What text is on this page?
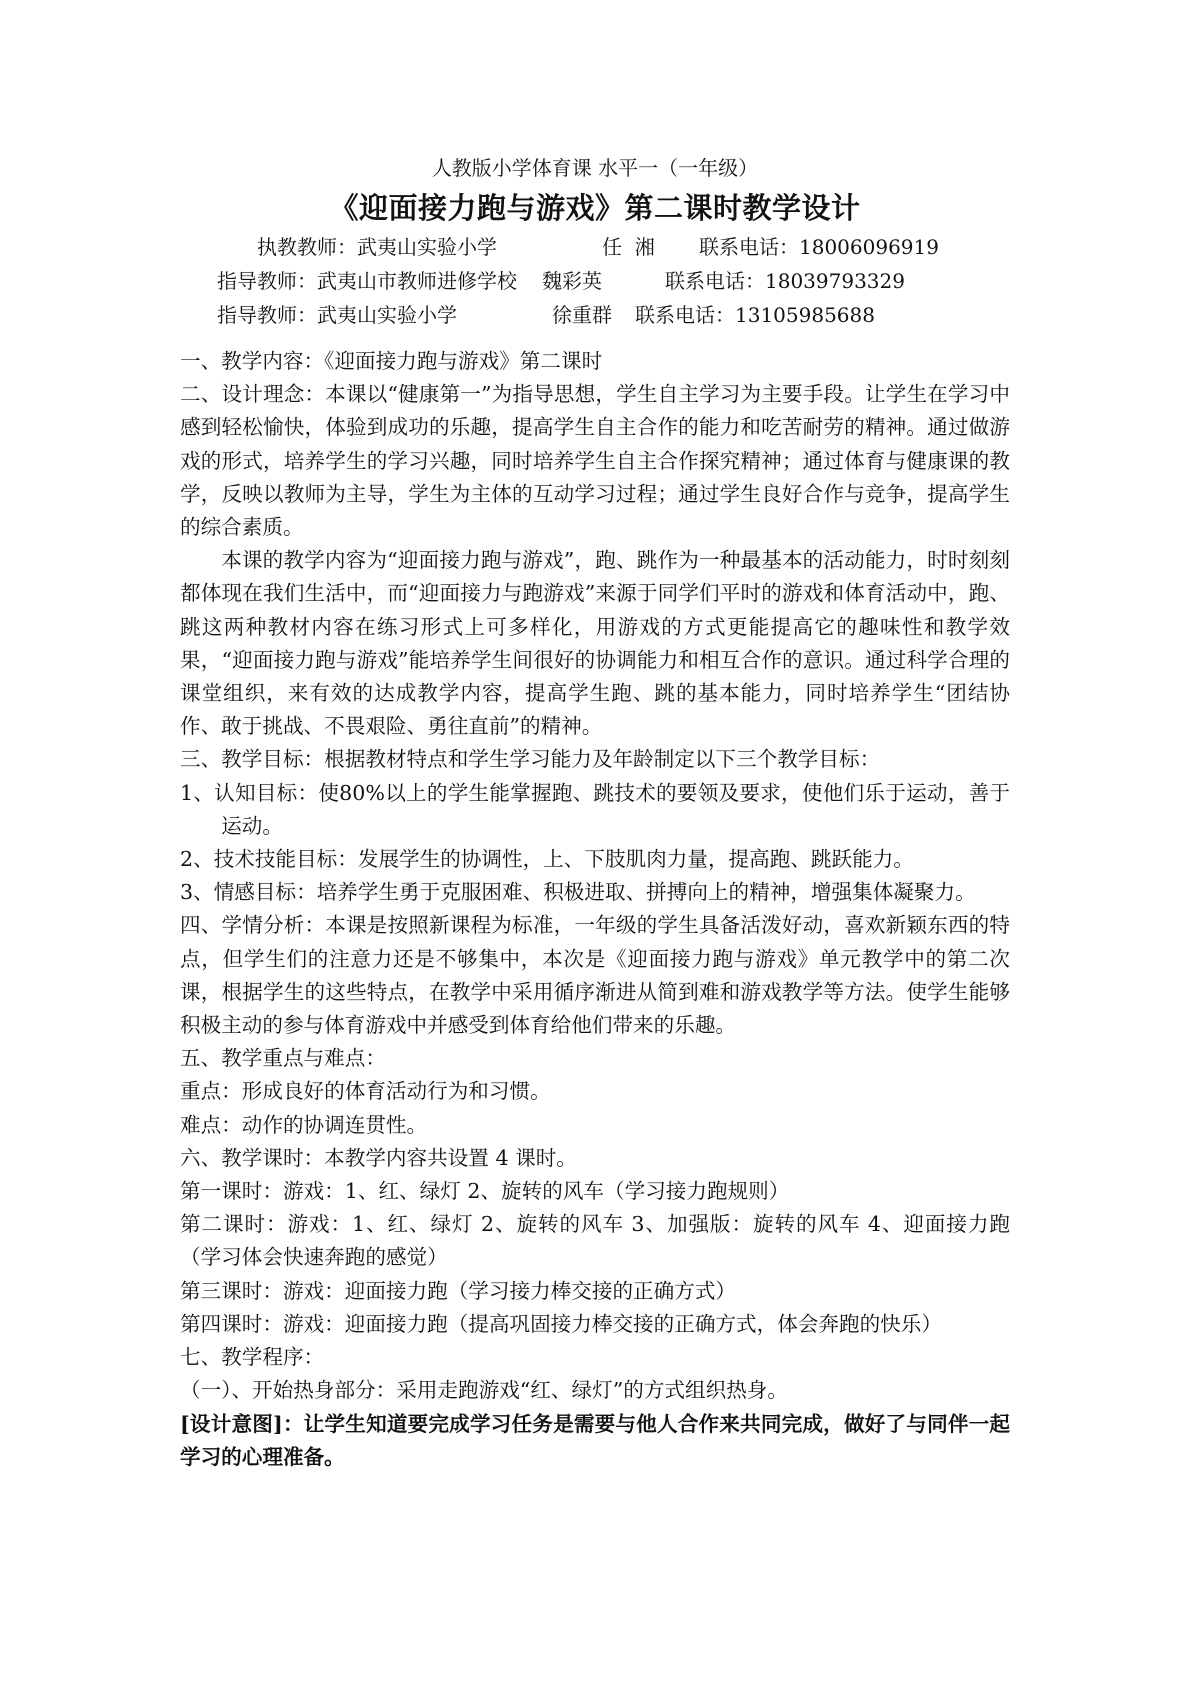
人教版小学体育课 水平一（一年级）
《迎面接力跑与游戏》第二课时教学设计
执教教师：武夷山实验小学	任  湘 联系电话：18006096919
指导教师：武夷山市教师进修学校 魏彩英	联系电话：18039793329
指导教师：武夷山实验小学	徐重群 联系电话：13105985688

一、教学内容：《迎面接力跑与游戏》第二课时

二、设计理念：本课以“健康第一”为指导思想，学生自主学习为主要手段。让学生在学习中感到轻松愉快，体验到成功的乐趣，提高学生自主合作的能力和吃苦耐劳的精神。通过做游戏的形式，培养学生的学习兴趣，同时培养学生自主合作探究精神；通过体育与健康课的教学，反映以教师为主导，学生为主体的互动学习过程；通过学生良好合作与竞争，提高学生的综合素质。

本课的教学内容为“迎面接力跑与游戏”，跑、跳作为一种最基本的活动能力，时时刻刻都体现在我们生活中，而“迎面接力与跑游戏”来源于同学们平时的游戏和体育活动中，跑、跳这两种教材内容在练习形式上可多样化，用游戏的方式更能提高它的趣味性和教学效果，“迎面接力跑与游戏”能培养学生间很好的协调能力和相互合作的意识。通过科学合理的课堂组织，来有效的达成教学内容，提高学生跑、跳的基本能力，同时培养学生“团结协作、敢于挑战、不畏艰险、勇往直前”的精神。

三、教学目标：根据教材特点和学生学习能力及年龄制定以下三个教学目标：

1、认知目标：使80%以上的学生能掌握跑、跳技术的要领及要求，使他们乐于运动，善于运动。

2、技术技能目标：发展学生的协调性，上、下肢肌肉力量，提高跑、跳跃能力。

3、情感目标：培养学生勇于克服困难、积极进取、拼搏向上的精神，增强集体凝聚力。

四、学情分析：本课是按照新课程为标准，一年级的学生具备活泼好动，喜欢新颖东西的特点，但学生们的注意力还是不够集中，本次是《迎面接力跑与游戏》单元教学中的第二次课，根据学生的这些特点，在教学中采用循序渐进从简到难和游戏教学等方法。使学生能够积极主动的参与体育游戏中并感受到体育给他们带来的乐趣。

五、教学重点与难点：

重点：形成良好的体育活动行为和习惯。

难点：动作的协调连贯性。

六、教学课时：本教学内容共设置 4 课时。

第一课时：游戏：1、红、绿灯 2、旋转的风车（学习接力跑规则）

第二课时：游戏：1、红、绿灯 2、旋转的风车 3、加强版：旋转的风车 4、迎面接力跑（学习体会快速奔跑的感觉）

第三课时：游戏：迎面接力跑（学习接力棒交接的正确方式）

第四课时：游戏：迎面接力跑（提高巩固接力棒交接的正确方式，体会奔跑的快乐）

七、教学程序：

（一）、开始热身部分：采用走跑游戏“红、绿灯”的方式组织热身。

[设计意图]：让学生知道要完成学习任务是需要与他人合作来共同完成，做好了与同伴一起学习的心理准备。
